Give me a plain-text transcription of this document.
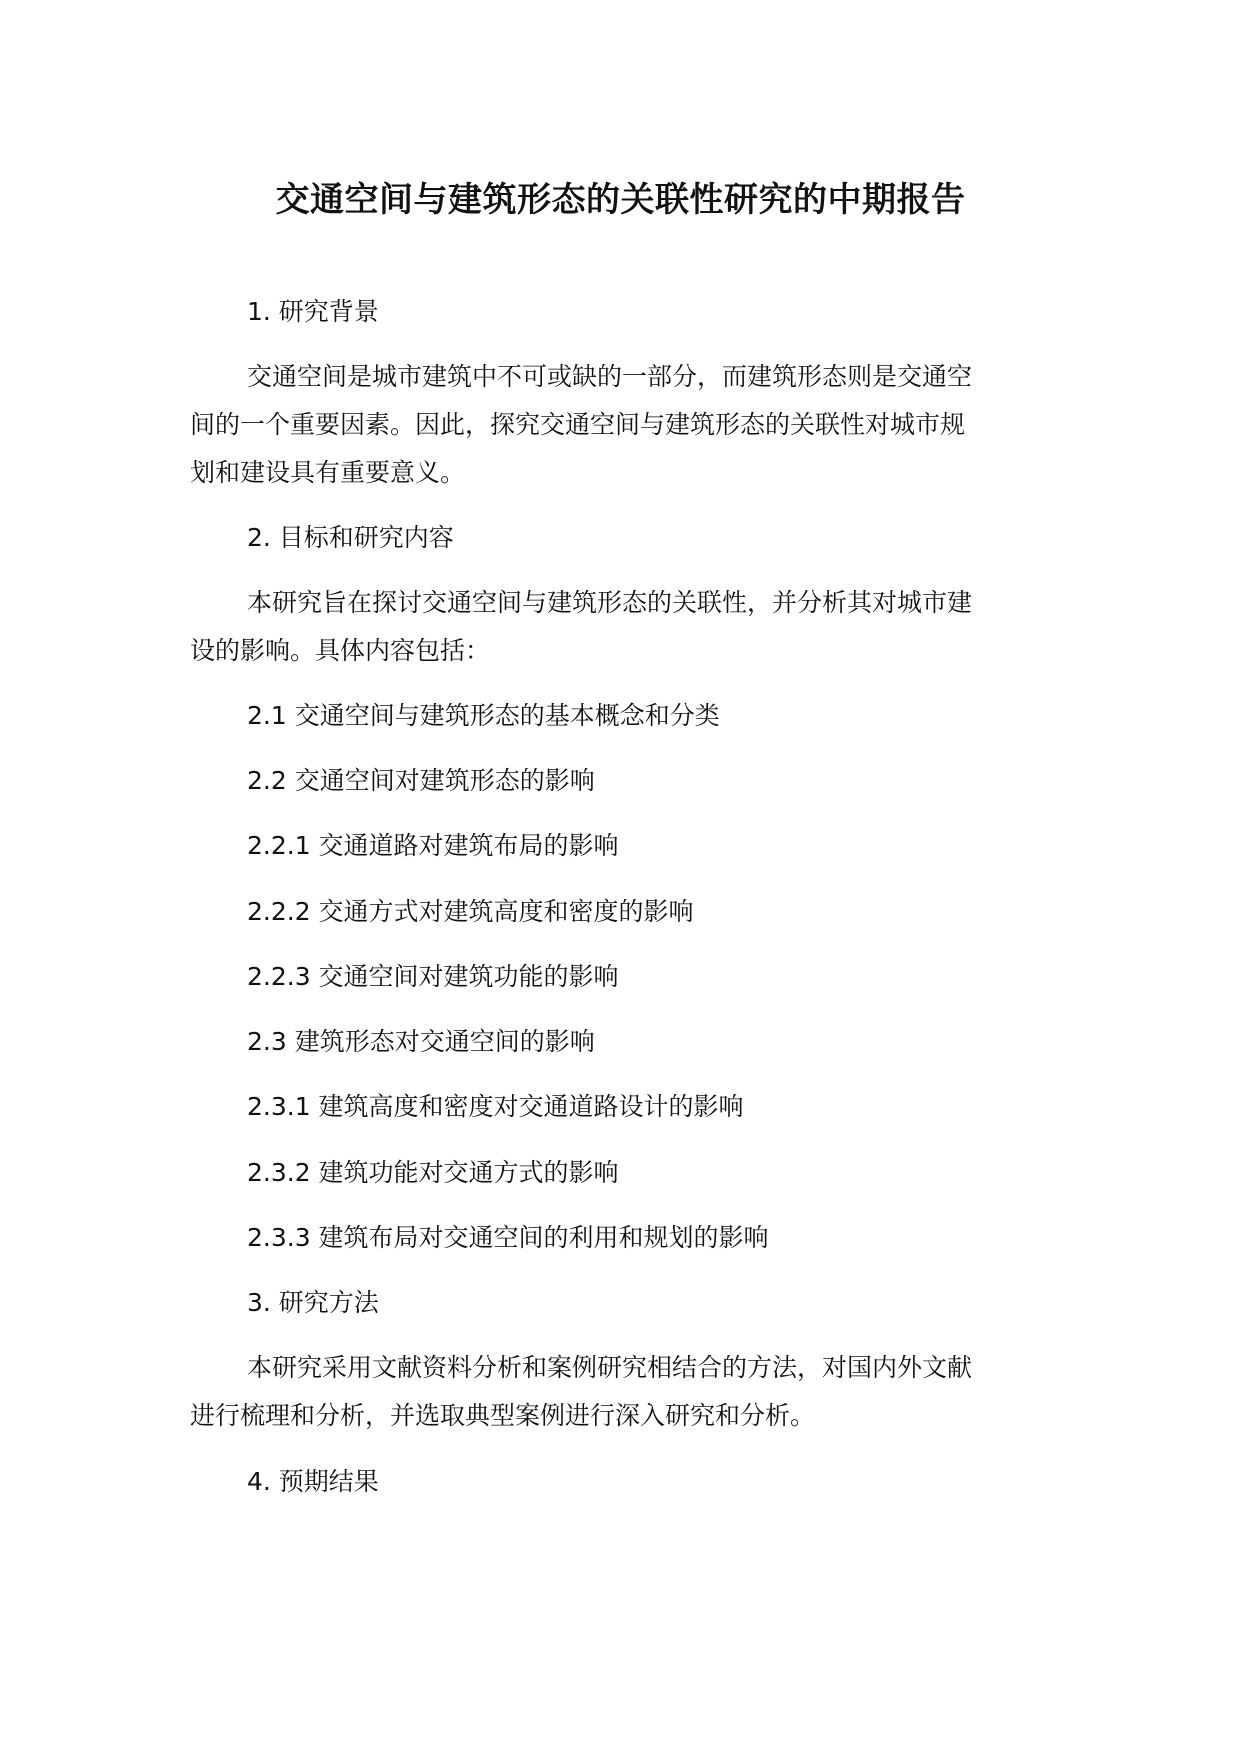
交通空间与建筑形态的关联性研究的中期报告
1. 研究背景
交通空间是城市建筑中不可或缺的一部分，而建筑形态则是交通空
间的一个重要因素。因此，探究交通空间与建筑形态的关联性对城市规
划和建设具有重要意义。
2. 目标和研究内容
本研究旨在探讨交通空间与建筑形态的关联性，并分析其对城市建
设的影响。具体内容包括：
2.1 交通空间与建筑形态的基本概念和分类
2.2 交通空间对建筑形态的影响
2.2.1 交通道路对建筑布局的影响
2.2.2 交通方式对建筑高度和密度的影响
2.2.3 交通空间对建筑功能的影响
2.3 建筑形态对交通空间的影响
2.3.1 建筑高度和密度对交通道路设计的影响
2.3.2 建筑功能对交通方式的影响
2.3.3 建筑布局对交通空间的利用和规划的影响
3. 研究方法
本研究采用文献资料分析和案例研究相结合的方法，对国内外文献
进行梳理和分析，并选取典型案例进行深入研究和分析。
4. 预期结果
